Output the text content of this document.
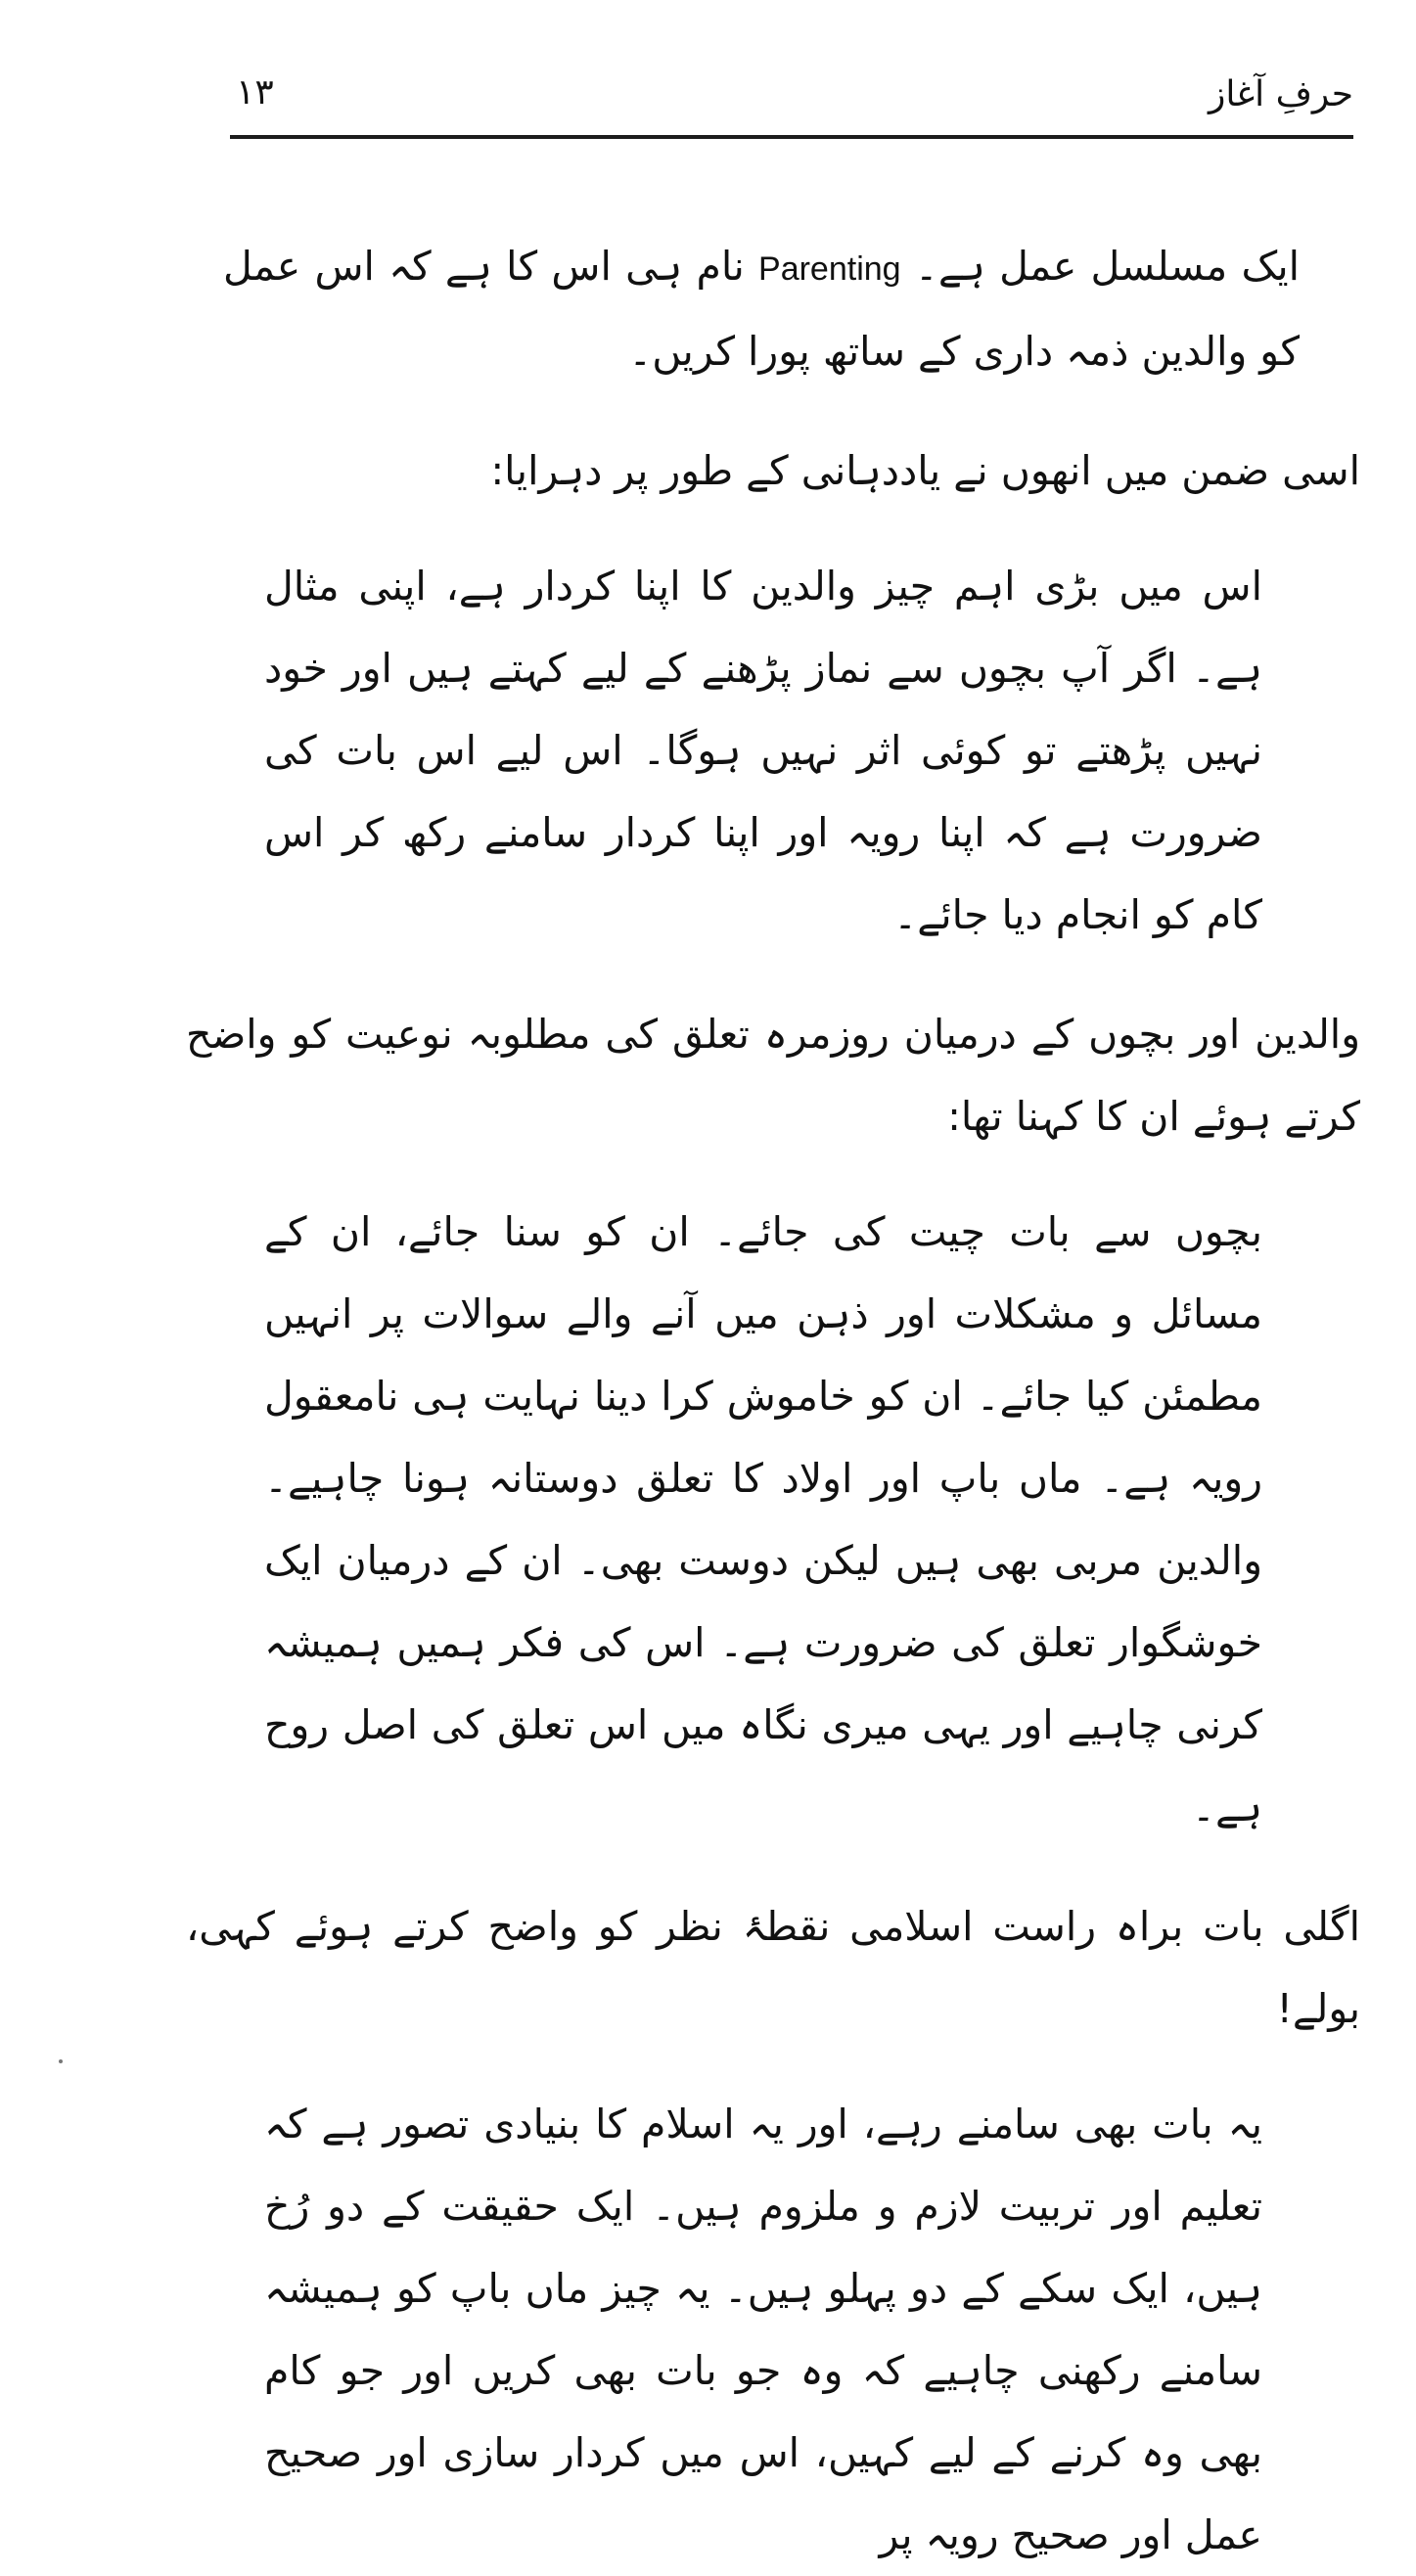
حرفِ آغاز
۱۳

ایک مسلسل عمل ہے۔ Parenting نام ہی اس کا ہے کہ اس عمل کو والدین ذمہ داری کے ساتھ پورا کریں۔

اسی ضمن میں انھوں نے یاددہانی کے طور پر دہرایا:

اس میں بڑی اہم چیز والدین کا اپنا کردار ہے، اپنی مثال ہے۔ اگر آپ بچوں سے نماز پڑھنے کے لیے کہتے ہیں اور خود نہیں پڑھتے تو کوئی اثر نہیں ہوگا۔ اس لیے اس بات کی ضرورت ہے کہ اپنا رویہ اور اپنا کردار سامنے رکھ کر اس کام کو انجام دیا جائے۔

والدین اور بچوں کے درمیان روزمرہ تعلق کی مطلوبہ نوعیت کو واضح کرتے ہوئے ان کا کہنا تھا:

بچوں سے بات چیت کی جائے۔ ان کو سنا جائے، ان کے مسائل و مشکلات اور ذہن میں آنے والے سوالات پر انہیں مطمئن کیا جائے۔ ان کو خاموش کرا دینا نہایت ہی نامعقول رویہ ہے۔ ماں باپ اور اولاد کا تعلق دوستانہ ہونا چاہیے۔ والدین مربی بھی ہیں لیکن دوست بھی۔ ان کے درمیان ایک خوشگوار تعلق کی ضرورت ہے۔ اس کی فکر ہمیں ہمیشہ کرنی چاہیے اور یہی میری نگاہ میں اس تعلق کی اصل روح ہے۔

اگلی بات براہ راست اسلامی نقطۂ نظر کو واضح کرتے ہوئے کہی، بولے!

یہ بات بھی سامنے رہے، اور یہ اسلام کا بنیادی تصور ہے کہ تعلیم اور تربیت لازم و ملزوم ہیں۔ ایک حقیقت کے دو رُخ ہیں، ایک سکے کے دو پہلو ہیں۔ یہ چیز ماں باپ کو ہمیشہ سامنے رکھنی چاہیے کہ وہ جو بات بھی کریں اور جو کام بھی وہ کرنے کے لیے کہیں، اس میں کردار سازی اور صحیح عمل اور صحیح رویہ پر
